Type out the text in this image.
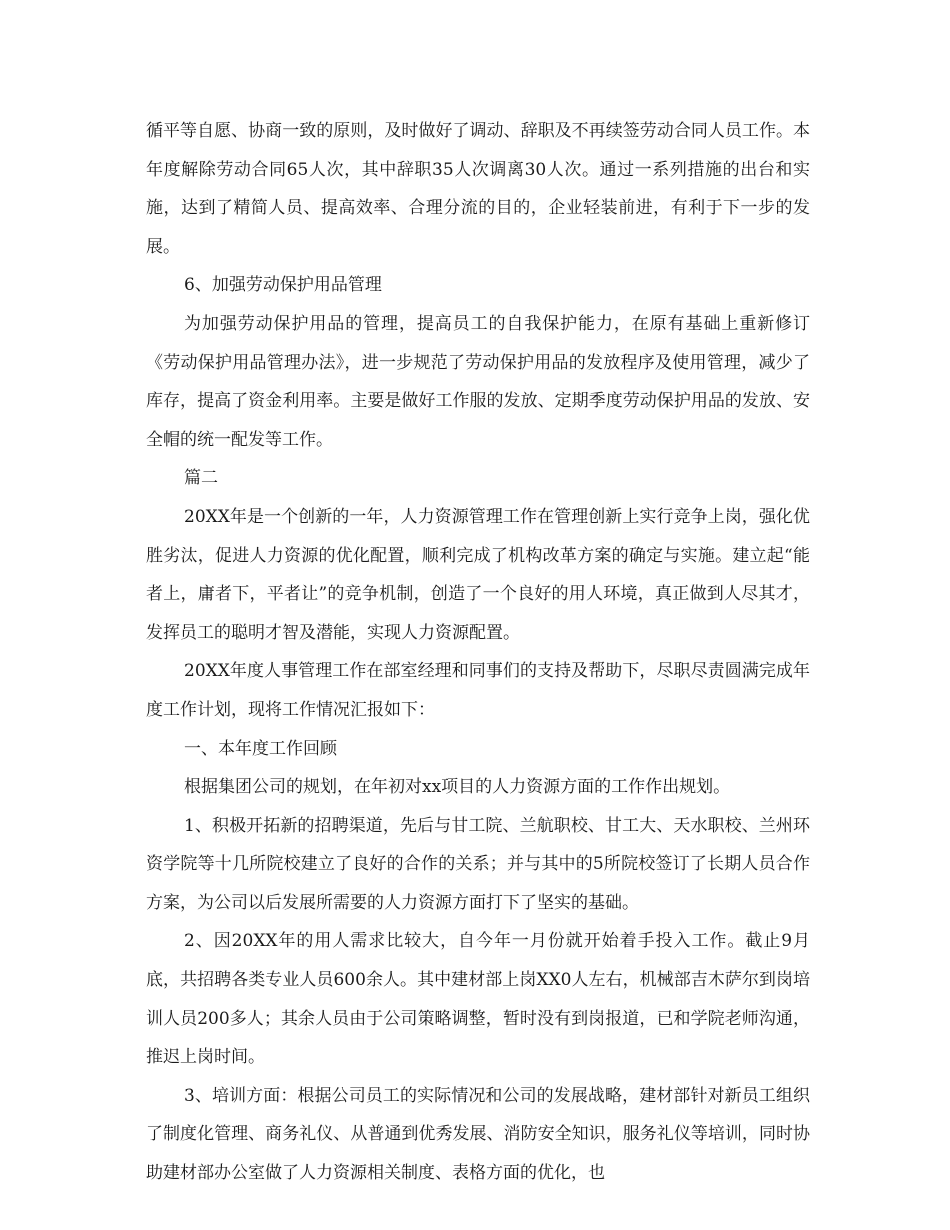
循平等自愿、协商一致的原则，及时做好了调动、辞职及不再续签劳动合同人员工作。本年度解除劳动合同65人次，其中辞职35人次调离30人次。通过一系列措施的出台和实施，达到了精简人员、提高效率、合理分流的目的，企业轻装前进，有利于下一步的发展。

6、加强劳动保护用品管理

为加强劳动保护用品的管理，提高员工的自我保护能力，在原有基础上重新修订《劳动保护用品管理办法》，进一步规范了劳动保护用品的发放程序及使用管理，减少了库存，提高了资金利用率。主要是做好工作服的发放、定期季度劳动保护用品的发放、安全帽的统一配发等工作。

篇二

20XX年是一个创新的一年，人力资源管理工作在管理创新上实行竞争上岗，强化优胜劣汰，促进人力资源的优化配置，顺利完成了机构改革方案的确定与实施。建立起“能者上，庸者下，平者让”的竞争机制，创造了一个良好的用人环境，真正做到人尽其才，发挥员工的聪明才智及潜能，实现人力资源配置。

20XX年度人事管理工作在部室经理和同事们的支持及帮助下，尽职尽责圆满完成年度工作计划，现将工作情况汇报如下：

一、本年度工作回顾

根据集团公司的规划，在年初对xx项目的人力资源方面的工作作出规划。

1、积极开拓新的招聘渠道，先后与甘工院、兰航职校、甘工大、天水职校、兰州环资学院等十几所院校建立了良好的合作的关系；并与其中的5所院校签订了长期人员合作方案，为公司以后发展所需要的人力资源方面打下了坚实的基础。

2、因20XX年的用人需求比较大，自今年一月份就开始着手投入工作。截止9月底，共招聘各类专业人员600余人。其中建材部上岗XX0人左右，机械部吉木萨尔到岗培训人员200多人；其余人员由于公司策略调整，暂时没有到岗报道，已和学院老师沟通，推迟上岗时间。

3、培训方面：根据公司员工的实际情况和公司的发展战略，建材部针对新员工组织了制度化管理、商务礼仪、从普通到优秀发展、消防安全知识，服务礼仪等培训，同时协助建材部办公室做了人力资源相关制度、表格方面的优化，也
